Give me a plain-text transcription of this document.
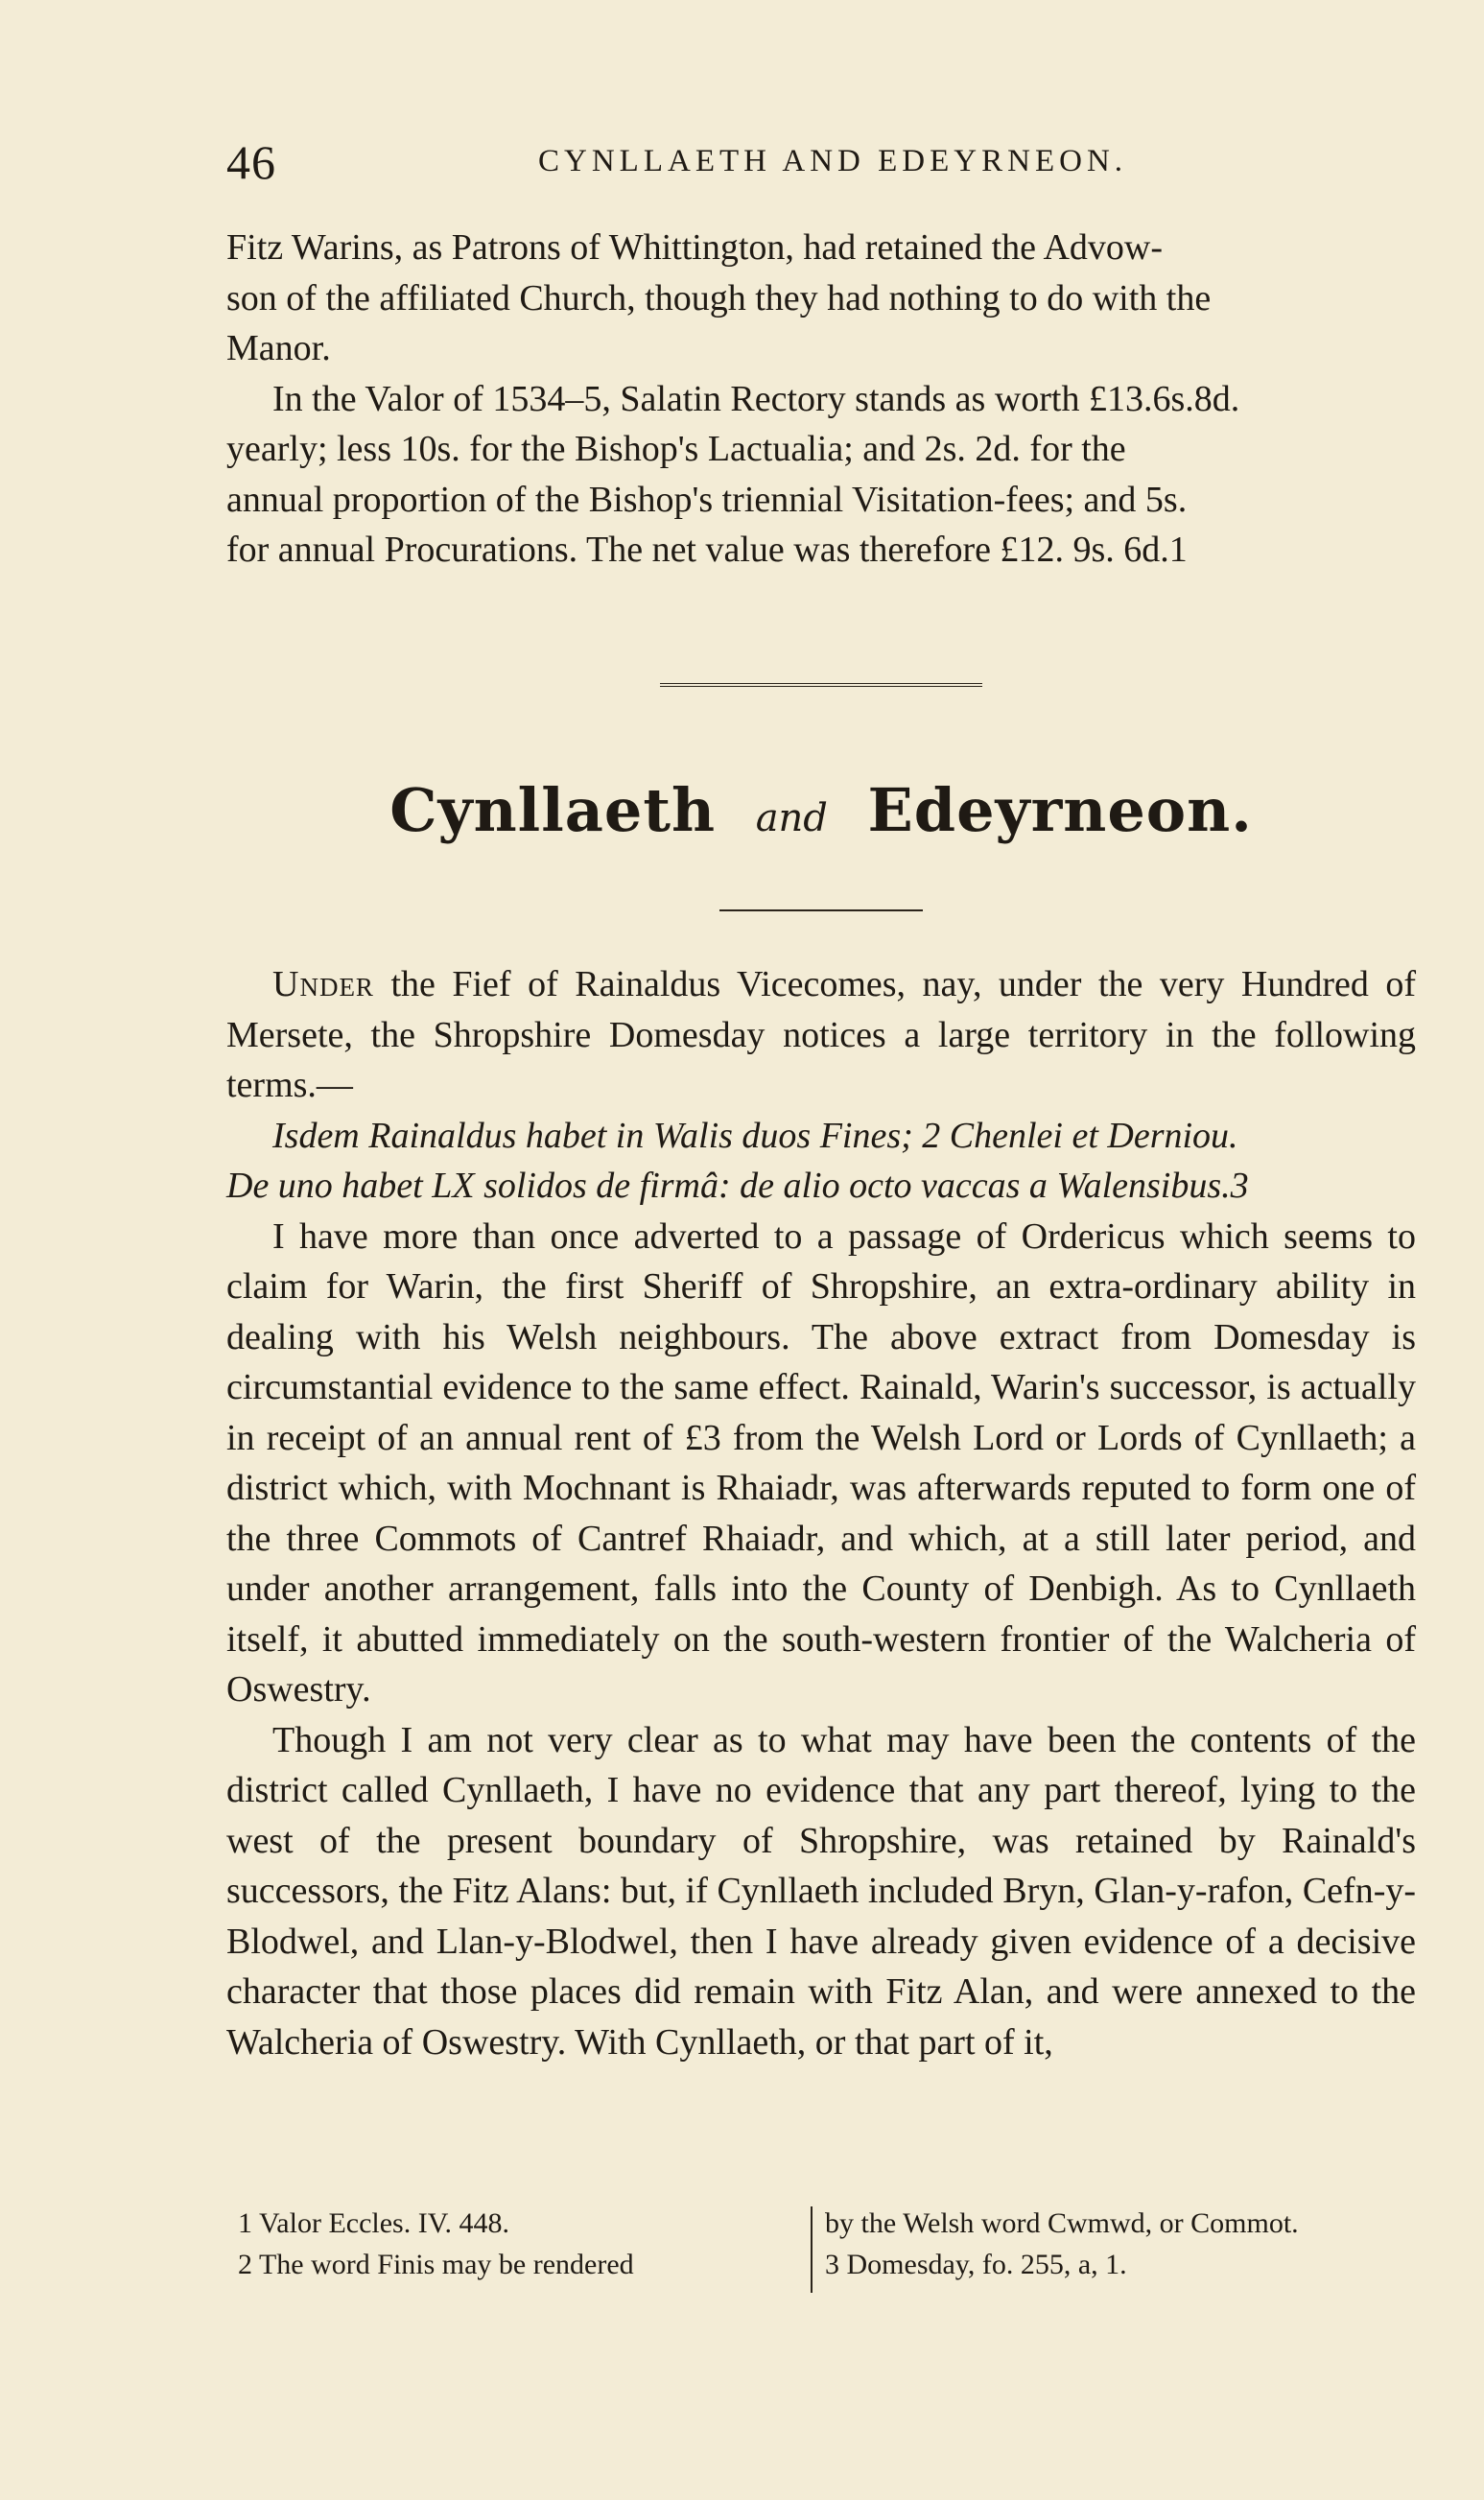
46	CYNLLAETH AND EDEYRNEON.

Fitz Warins, as Patrons of Whittington, had retained the Advow-
son of the affiliated Church, though they had nothing to do with the
Manor.

In the Valor of 1534–5, Salatin Rectory stands as worth £13.6s.8d.
yearly; less 10s. for the Bishop's Lactualia; and 2s. 2d. for the
annual proportion of the Bishop's triennial Visitation-fees; and 5s.
for annual Procurations. The net value was therefore £12. 9s. 6d.1

Cynllaeth and Edeyrneon.

Under the Fief of Rainaldus Vicecomes, nay, under the very Hundred of Mersete, the Shropshire Domesday notices a large territory in the following terms.—

Isdem Rainaldus habet in Walis duos Fines; 2 Chenlei et Derniou.
De uno habet LX solidos de firmâ: de alio octo vaccas a Walensibus.3

I have more than once adverted to a passage of Ordericus which seems to claim for Warin, the first Sheriff of Shropshire, an extra-ordinary ability in dealing with his Welsh neighbours. The above extract from Domesday is circumstantial evidence to the same effect. Rainald, Warin's successor, is actually in receipt of an annual rent of £3 from the Welsh Lord or Lords of Cynllaeth; a district which, with Mochnant is Rhaiadr, was afterwards reputed to form one of the three Commots of Cantref Rhaiadr, and which, at a still later period, and under another arrangement, falls into the County of Denbigh. As to Cynllaeth itself, it abutted immediately on the south-western frontier of the Walcheria of Oswestry.

Though I am not very clear as to what may have been the contents of the district called Cynllaeth, I have no evidence that any part thereof, lying to the west of the present boundary of Shropshire, was retained by Rainald's successors, the Fitz Alans: but, if Cynllaeth included Bryn, Glan-y-rafon, Cefn-y-Blodwel, and Llan-y-Blodwel, then I have already given evidence of a decisive character that those places did remain with Fitz Alan, and were annexed to the Walcheria of Oswestry. With Cynllaeth, or that part of it,

1 Valor Eccles. IV. 448.
2 The word Finis may be rendered
by the Welsh word Cwmwd, or Commot.
3 Domesday, fo. 255, a, 1.
